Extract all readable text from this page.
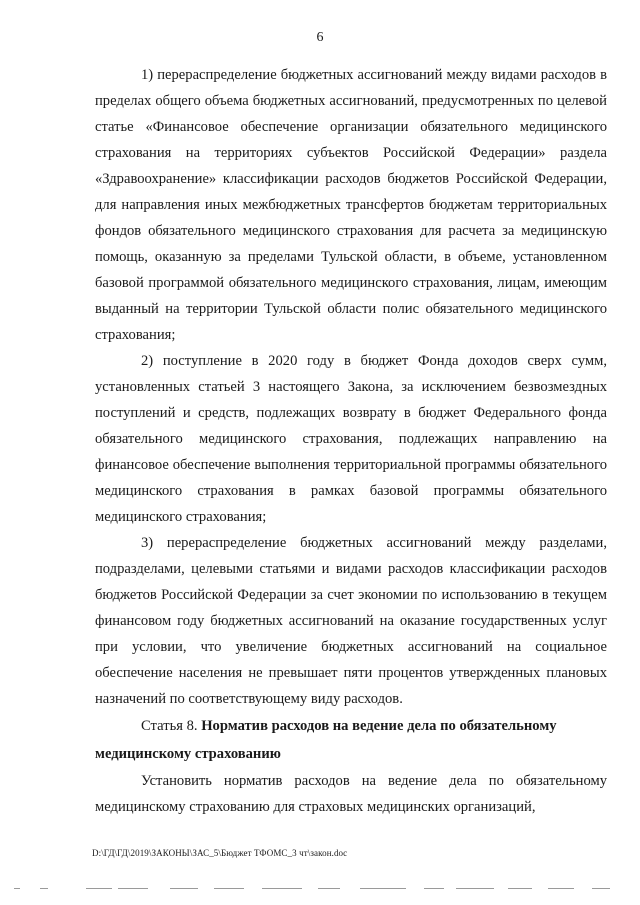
6

1) перераспределение бюджетных ассигнований между видами расходов в пределах общего объема бюджетных ассигнований, предусмотренных по целевой статье «Финансовое обеспечение организации обязательного медицинского страхования на территориях субъектов Российской Федерации» раздела «Здравоохранение» классификации расходов бюджетов Российской Федерации, для направления иных межбюджетных трансфертов бюджетам территориальных фондов обязательного медицинского страхования для расчета за медицинскую помощь, оказанную за пределами Тульской области, в объеме, установленном базовой программой обязательного медицинского страхования, лицам, имеющим выданный на территории Тульской области полис обязательного медицинского страхования;

2) поступление в 2020 году в бюджет Фонда доходов сверх сумм, установленных статьей 3 настоящего Закона, за исключением безвозмездных поступлений и средств, подлежащих возврату в бюджет Федерального фонда обязательного медицинского страхования, подлежащих направлению на финансовое обеспечение выполнения территориальной программы обязательного медицинского страхования в рамках базовой программы обязательного медицинского страхования;

3) перераспределение бюджетных ассигнований между разделами, подразделами, целевыми статьями и видами расходов классификации расходов бюджетов Российской Федерации за счет экономии по использованию в текущем финансовом году бюджетных ассигнований на оказание государственных услуг при условии, что увеличение бюджетных ассигнований на социальное обеспечение населения не превышает пяти процентов утвержденных плановых назначений по соответствующему виду расходов.

Статья 8. Норматив расходов на ведение дела по обязательному
медицинскому страхованию

Установить норматив расходов на ведение дела по обязательному медицинскому страхованию для страховых медицинских организаций,

D:\ГД\ГД\2019\ЗАКОНЫ\ЗАС_5\Бюджет ТФОМС_3 чт\закон.doc
